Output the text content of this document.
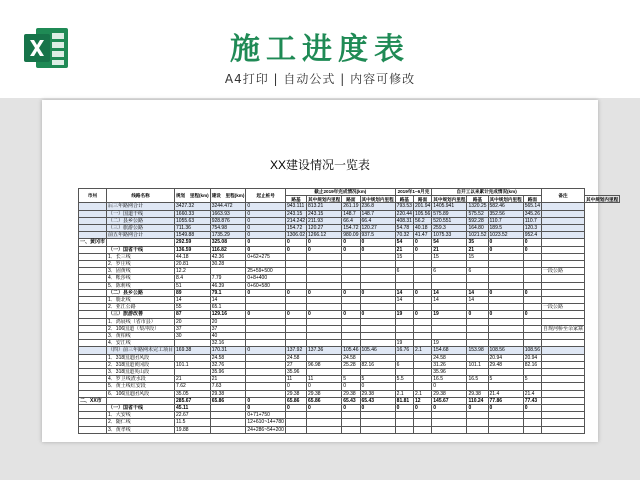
施工进度表
A4打印 | 自动公式 | 内容可修改
XX建设情况一览表
市州	线路名称	规划　里程(km)	建设　里程(km)	起止桩号	截止2019年完成情况(km)				2019年1~6月完		自开工以来累计完成情况(km)				备注	
					路基	其中规划内里程	路面	其中规划内里程	路基	路面	其中规划内里程	路基	其中规划内里程	路面		其中规划内里程
	后三年路网合计	3427.32	3244.472	0	943.111	813.21	261.19	236.8	793.53	201.94	1405.941	1320.25	582.46	565.14		
	（一）国道干线	1660.33	1663.93	0	243.15	243.15	148.7	148.7	220.44	105.56	575.89	575.52	352.56	345.26		
	（二）县乡公路	1055.63	928.876	0	214.242	211.93	66.4	66.4	408.31	56.2	520.551	592.28	110.7	110.7		
	（三）旅游公路	711.36	754.98	0	154.72	120.27	154.72	120.27	54.78	40.18	259.3	164.80	189.5	120.3		
	前五年路网合计	1549.88	1735.29	0	1306.02	1266.12	980.09	937.5	70.32	41.47	1075.33	1021.52	1023.52	952.4		
一、黄冈市		292.59	325.08	0	0	0	0	0	54	0	54	35	0	0		
	（一）国省干线	136.59	116.82	0	0	0	0	0	21	0	21	21	0	0		
	1．长三线	44.18	42.36	0+62+275					15		15	15				
	2．罗庄线	20.81	30.28													
	3．固黄线	12.2		25+59+500					6		6	6			一段公路	
	4．帐莎线	8.4	7.79	0+8+400												
	5．陈莉线	51	46.39	0+60+580												
	（二）县乡公路	89	79.1	0	0	0	0	0	14	0	14	14	0	0		
	1．鹿北线	14	14						14		14	14				
	2．亚江公路	55	65.1												一段公路	
	（三）旅游改善	87	129.16	0	0	0	0	0	19	0	19	0	0	0		
	1．鸿展线（省市县）	20	20													
	2．106国道（梨冲段）	37	37												自规河桥至余家寨	
	3．黄柏线	30	40													
	4．安江线		32.16						19		19					
	（四）前三年路网未完工项目	169.38	170.31	0	137.92	137.36	105.46	105.46	16.76	2.1	154.68	153.98	108.56	108.56		
	1．318国道团风段		24.58		24.58		24.58				24.58		20.94	20.94		
	2．318国道黄冈段	101.1	32.76		27	96.98	25.28	82.16	6		31.26	101.1	29.48	82.16		
	3．318国道英山段		35.96		35.96						35.96					
	4．罗卫线渣水段	21	21		11	11	5	5	5.5		16.5	16.5	5	5		
	5．黄土线红安段	7.62	7.63		0	0	0	0			0					
	6．106国道团风段	35.05	29.38		29.38	29.38	29.38	29.38	2.1	2.1	29.38	29.38	21.4	21.4		
二、XX市		285.67	65.86	0	65.86	65.86	65.43	65.43	81.81	12	145.67	110.24	77.86	77.43		
	（一）国省干线	45.11		0	0	0	0	0	0	0	0	0	0	0		
	1．大安线	22.67		0+71+750												
	2．随仁线	11.5		12+610~14+780												
	3．黄孝线	19.88		24+286~54+200												
